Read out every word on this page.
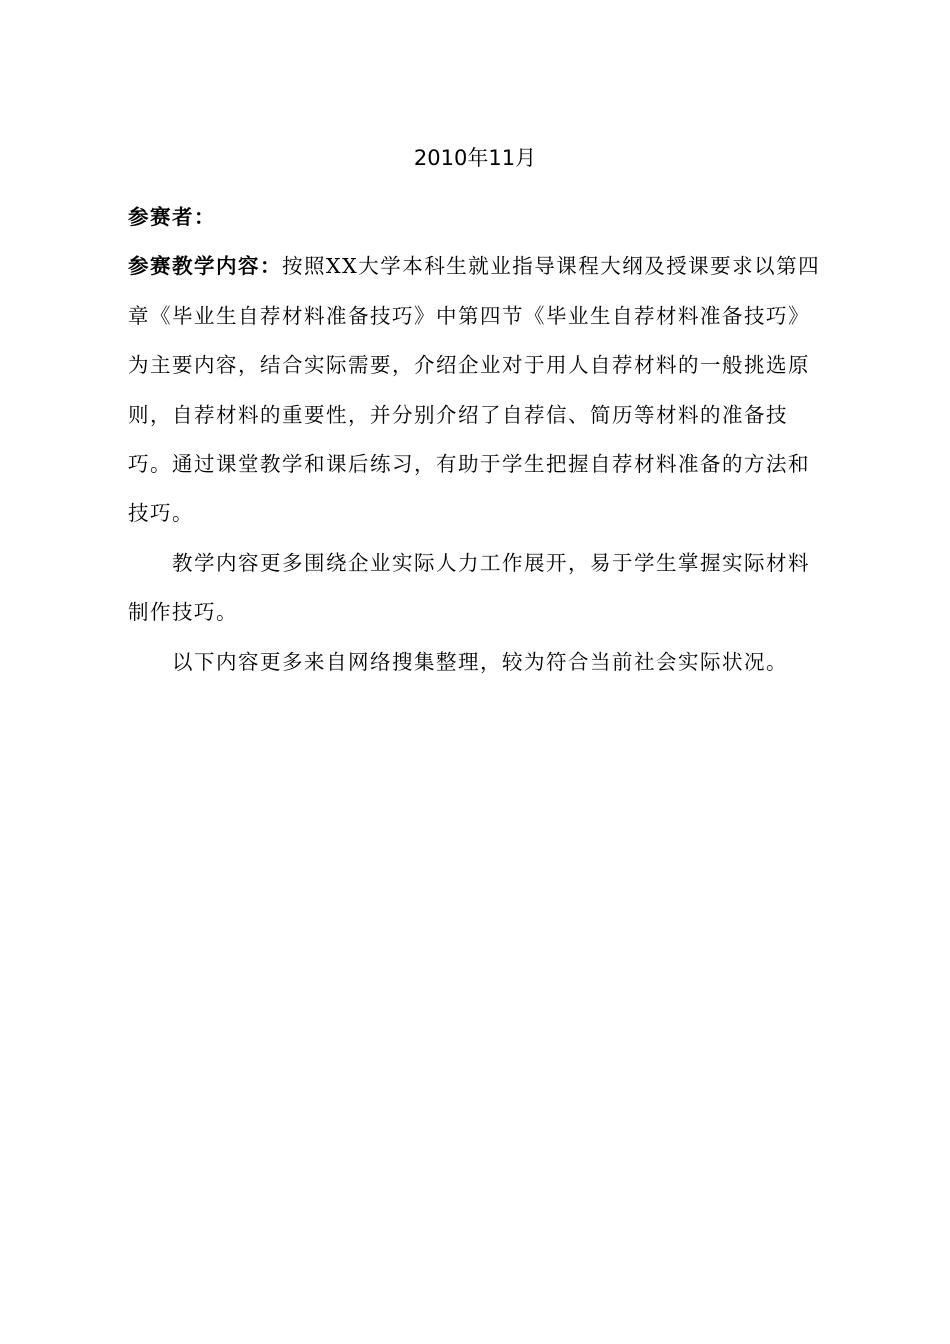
2010年11月

参赛者：

参赛教学内容：按照XX大学本科生就业指导课程大纲及授课要求以第四章《毕业生自荐材料准备技巧》中第四节《毕业生自荐材料准备技巧》为主要内容，结合实际需要，介绍企业对于用人自荐材料的一般挑选原则，自荐材料的重要性，并分别介绍了自荐信、简历等材料的准备技巧。通过课堂教学和课后练习，有助于学生把握自荐材料准备的方法和技巧。

教学内容更多围绕企业实际人力工作展开，易于学生掌握实际材料制作技巧。

以下内容更多来自网络搜集整理，较为符合当前社会实际状况。
